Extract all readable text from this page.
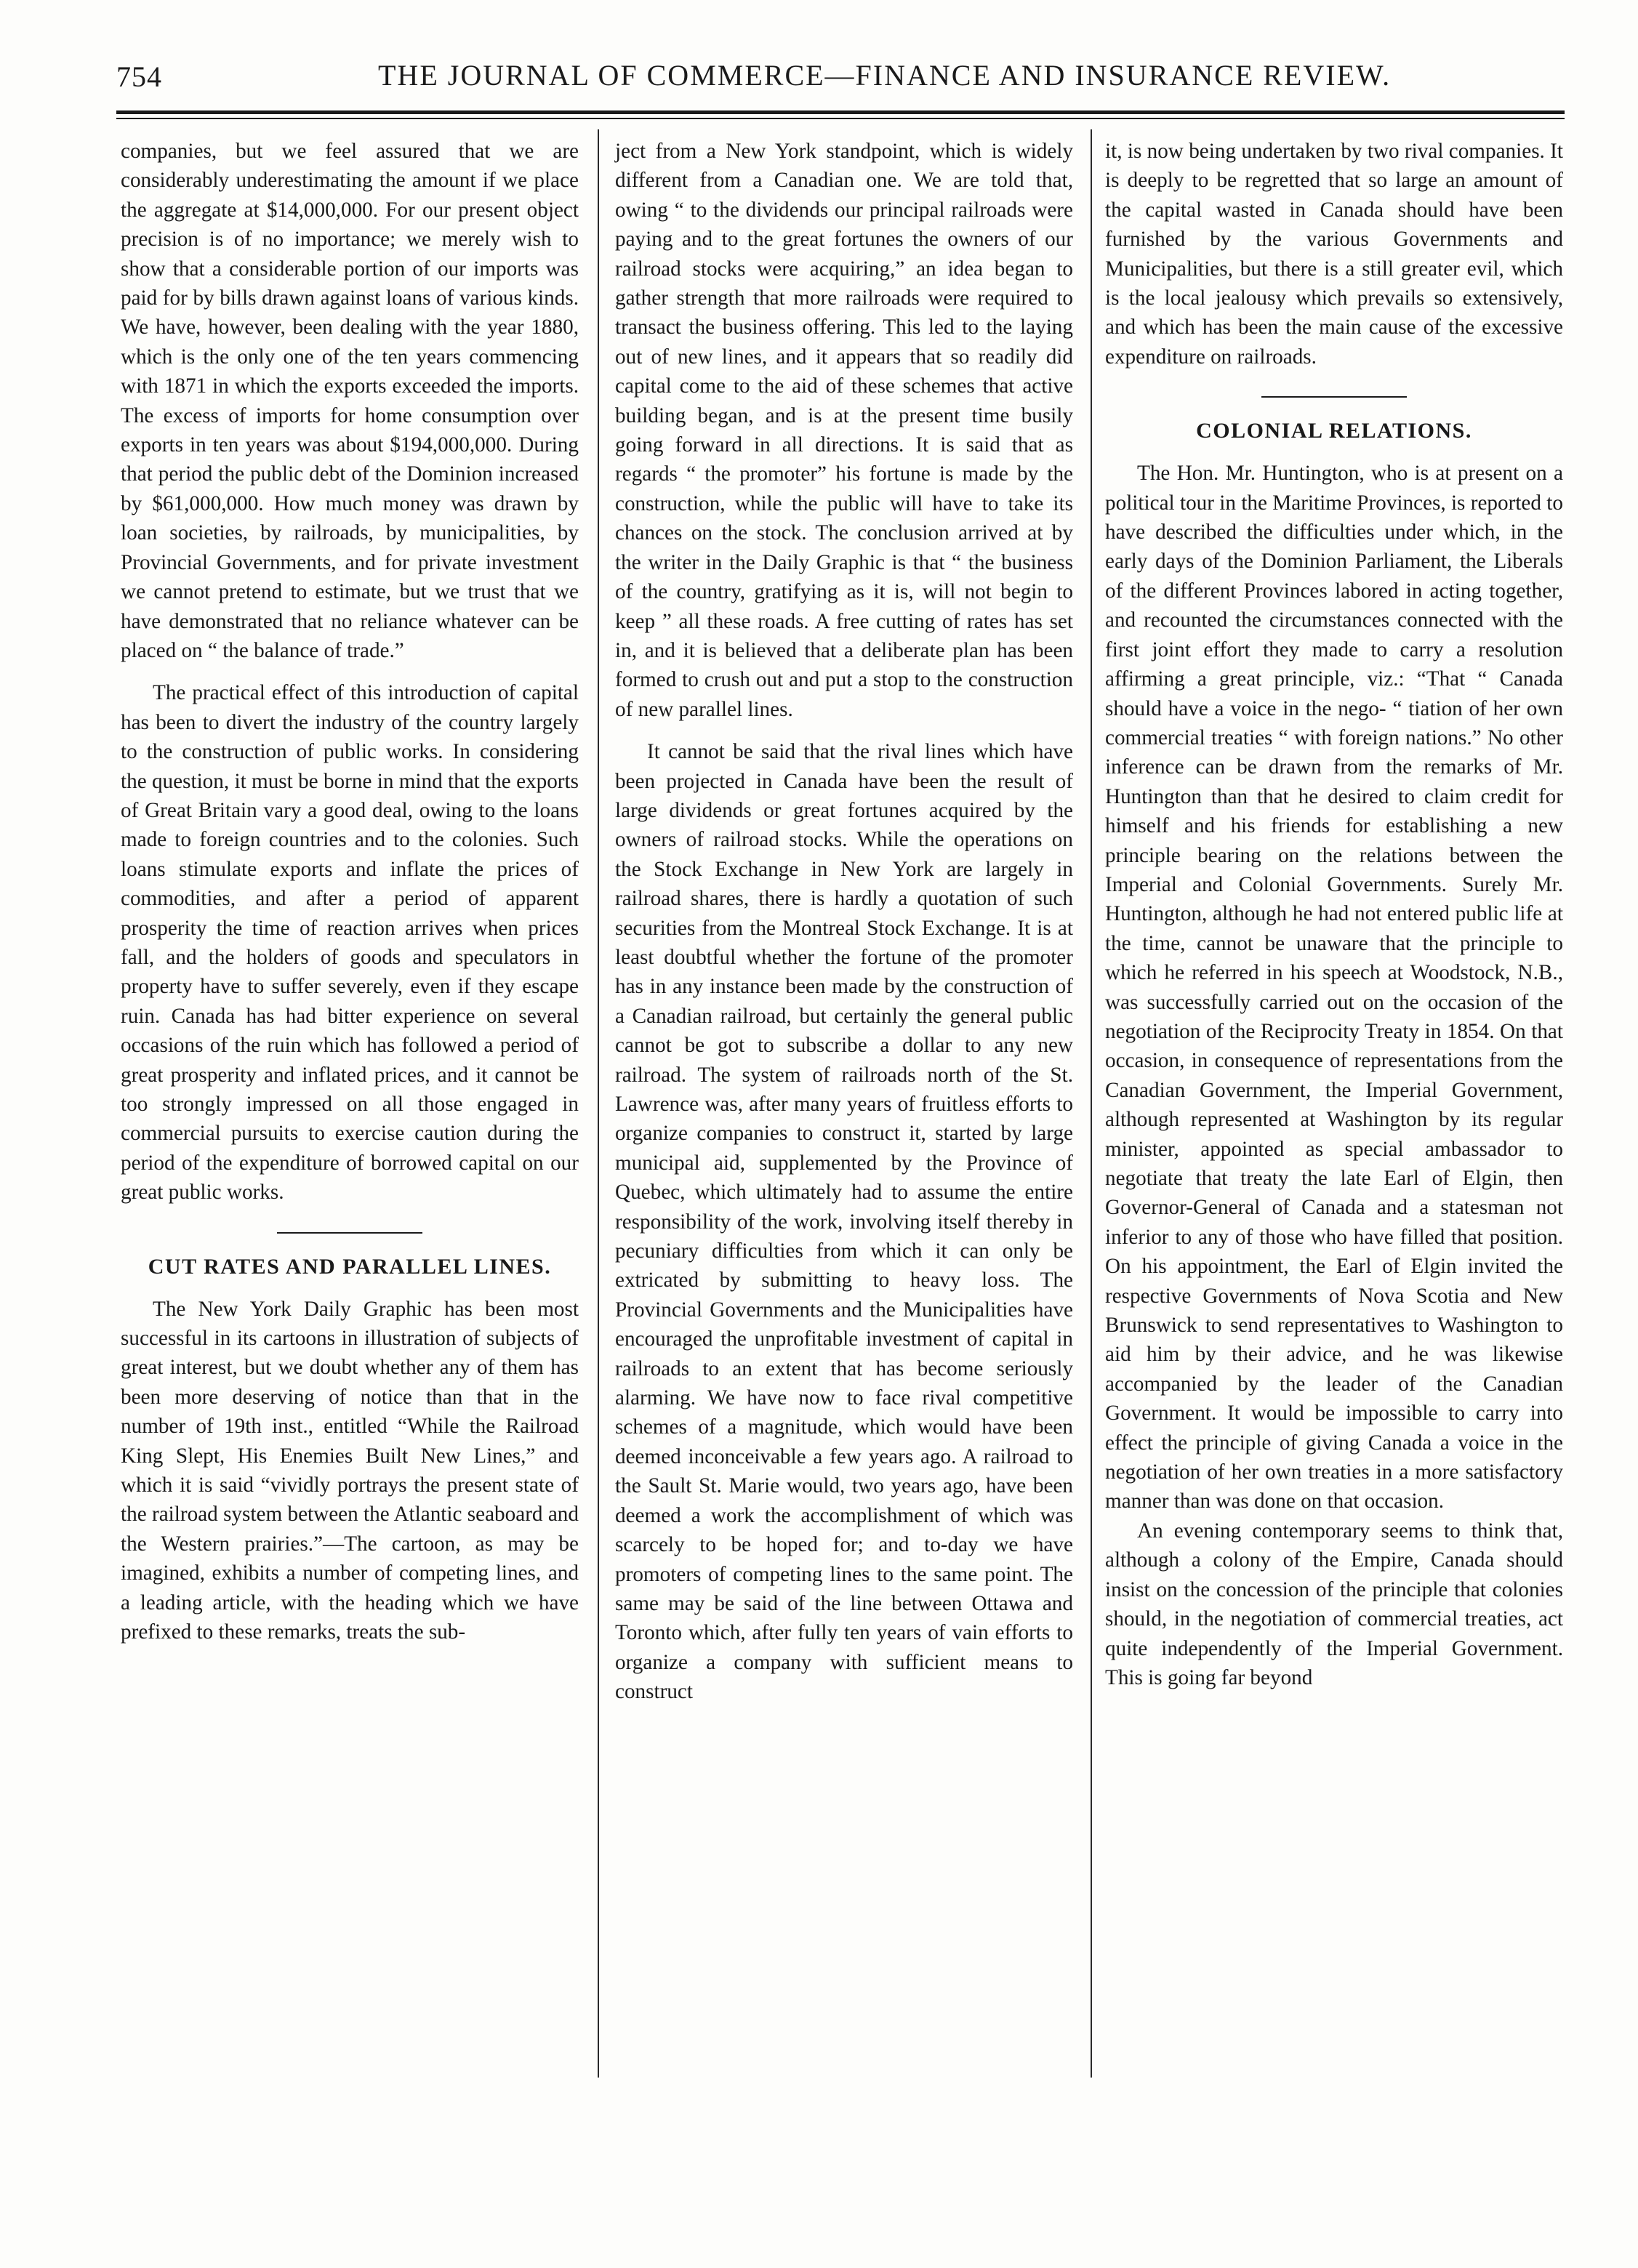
754	THE JOURNAL OF COMMERCE—FINANCE AND INSURANCE REVIEW.

companies, but we feel assured that we are considerably underestimating the amount if we place the aggregate at $14,000,000. For our present object precision is of no importance; we merely wish to show that a considerable portion of our imports was paid for by bills drawn against loans of various kinds. We have, however, been dealing with the year 1880, which is the only one of the ten years commencing with 1871 in which the exports exceeded the imports. The excess of imports for home consumption over exports in ten years was about $194,000,000. During that period the public debt of the Dominion increased by $61,000,000. How much money was drawn by loan societies, by railroads, by municipalities, by Provincial Governments, and for private investment we cannot pretend to estimate, but we trust that we have demonstrated that no reliance whatever can be placed on “ the balance of trade.”

The practical effect of this introduction of capital has been to divert the industry of the country largely to the construction of public works. In considering the question, it must be borne in mind that the exports of Great Britain vary a good deal, owing to the loans made to foreign countries and to the colonies. Such loans stimulate exports and inflate the prices of commodities, and after a period of apparent prosperity the time of reaction arrives when prices fall, and the holders of goods and speculators in property have to suffer severely, even if they escape ruin. Canada has had bitter experience on several occasions of the ruin which has followed a period of great prosperity and inflated prices, and it cannot be too strongly impressed on all those engaged in commercial pursuits to exercise caution during the period of the expenditure of borrowed capital on our great public works.

CUT RATES AND PARALLEL LINES.

The New York Daily Graphic has been most successful in its cartoons in illustration of subjects of great interest, but we doubt whether any of them has been more deserving of notice than that in the number of 19th inst., entitled “While the Railroad King Slept, His Enemies Built New Lines,” and which it is said “vividly portrays the present state of the railroad system between the Atlantic seaboard and the Western prairies.”—The cartoon, as may be imagined, exhibits a number of competing lines, and a leading article, with the heading which we have prefixed to these remarks, treats the sub-

ject from a New York standpoint, which is widely different from a Canadian one. We are told that, owing “ to the dividends our principal railroads were paying and to the great fortunes the owners of our railroad stocks were acquiring,” an idea began to gather strength that more railroads were required to transact the business offering. This led to the laying out of new lines, and it appears that so readily did capital come to the aid of these schemes that active building began, and is at the present time busily going forward in all directions. It is said that as regards “ the promoter” his fortune is made by the construction, while the public will have to take its chances on the stock. The conclusion arrived at by the writer in the Daily Graphic is that “ the business of the country, gratifying as it is, will not begin to keep ” all these roads. A free cutting of rates has set in, and it is believed that a deliberate plan has been formed to crush out and put a stop to the construction of new parallel lines.

It cannot be said that the rival lines which have been projected in Canada have been the result of large dividends or great fortunes acquired by the owners of railroad stocks. While the operations on the Stock Exchange in New York are largely in railroad shares, there is hardly a quotation of such securities from the Montreal Stock Exchange. It is at least doubtful whether the fortune of the promoter has in any instance been made by the construction of a Canadian railroad, but certainly the general public cannot be got to subscribe a dollar to any new railroad. The system of railroads north of the St. Lawrence was, after many years of fruitless efforts to organize companies to construct it, started by large municipal aid, supplemented by the Province of Quebec, which ultimately had to assume the entire responsibility of the work, involving itself thereby in pecuniary difficulties from which it can only be extricated by submitting to heavy loss. The Provincial Governments and the Municipalities have encouraged the unprofitable investment of capital in railroads to an extent that has become seriously alarming. We have now to face rival competitive schemes of a magnitude, which would have been deemed inconceivable a few years ago. A railroad to the Sault St. Marie would, two years ago, have been deemed a work the accomplishment of which was scarcely to be hoped for; and to-day we have promoters of competing lines to the same point. The same may be said of the line between Ottawa and Toronto which, after fully ten years of vain efforts to organize a company with sufficient means to construct

it, is now being undertaken by two rival companies. It is deeply to be regretted that so large an amount of the capital wasted in Canada should have been furnished by the various Governments and Municipalities, but there is a still greater evil, which is the local jealousy which prevails so extensively, and which has been the main cause of the excessive expenditure on railroads.

COLONIAL RELATIONS.

The Hon. Mr. Huntington, who is at present on a political tour in the Maritime Provinces, is reported to have described the difficulties under which, in the early days of the Dominion Parliament, the Liberals of the different Provinces labored in acting together, and recounted the circumstances connected with the first joint effort they made to carry a resolution affirming a great principle, viz.: “That “ Canada should have a voice in the nego- “ tiation of her own commercial treaties “ with foreign nations.” No other inference can be drawn from the remarks of Mr. Huntington than that he desired to claim credit for himself and his friends for establishing a new principle bearing on the relations between the Imperial and Colonial Governments. Surely Mr. Huntington, although he had not entered public life at the time, cannot be unaware that the principle to which he referred in his speech at Woodstock, N.B., was successfully carried out on the occasion of the negotiation of the Reciprocity Treaty in 1854. On that occasion, in consequence of representations from the Canadian Government, the Imperial Government, although represented at Washington by its regular minister, appointed as special ambassador to negotiate that treaty the late Earl of Elgin, then Governor-General of Canada and a statesman not inferior to any of those who have filled that position. On his appointment, the Earl of Elgin invited the respective Governments of Nova Scotia and New Brunswick to send representatives to Washington to aid him by their advice, and he was likewise accompanied by the leader of the Canadian Government. It would be impossible to carry into effect the principle of giving Canada a voice in the negotiation of her own treaties in a more satisfactory manner than was done on that occasion.

An evening contemporary seems to think that, although a colony of the Empire, Canada should insist on the concession of the principle that colonies should, in the negotiation of commercial treaties, act quite independently of the Imperial Government. This is going far beyond
